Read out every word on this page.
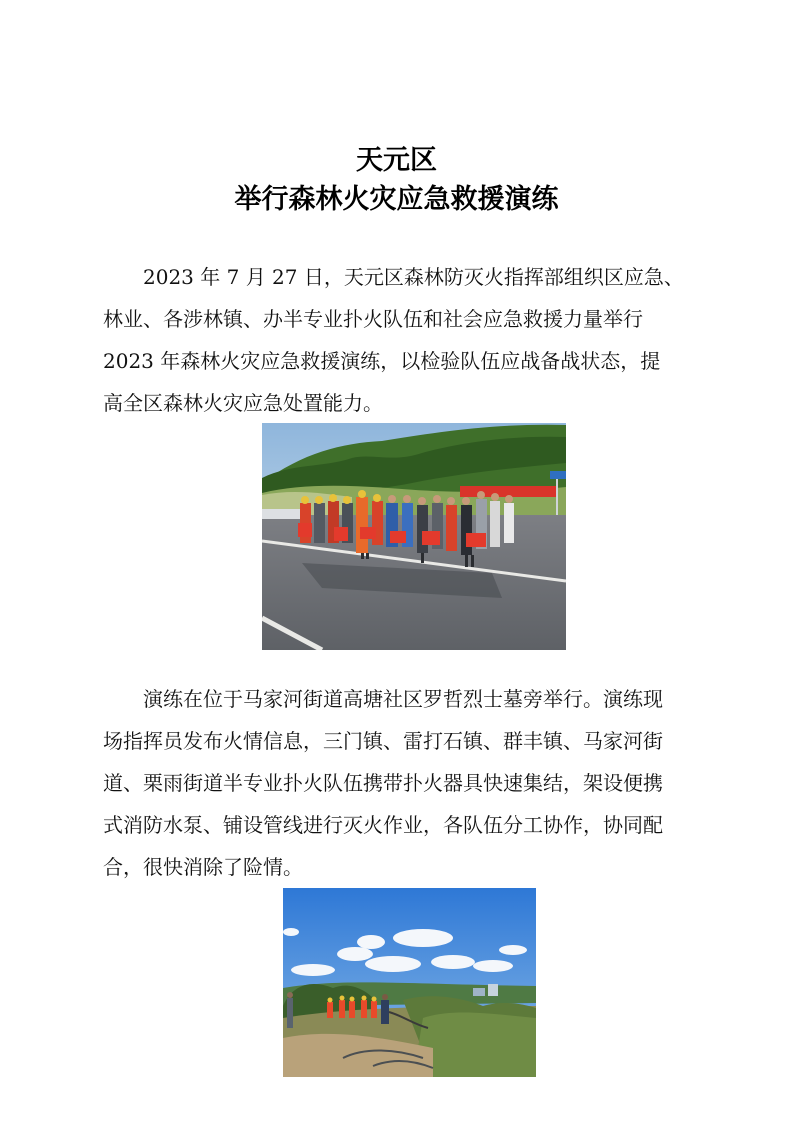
天元区
举行森林火灾应急救援演练
　　2023 年 7 月 27 日，天元区森林防灭火指挥部组织区应急、
林业、各涉林镇、办半专业扑火队伍和社会应急救援力量举行
2023 年森林火灾应急救援演练，以检验队伍应战备战状态，提
高全区森林火灾应急处置能力。
　　演练在位于马家河街道高塘社区罗哲烈士墓旁举行。演练现
场指挥员发布火情信息，三门镇、雷打石镇、群丰镇、马家河街
道、栗雨街道半专业扑火队伍携带扑火器具快速集结，架设便携
式消防水泵、铺设管线进行灭火作业，各队伍分工协作，协同配
合，很快消除了险情。
